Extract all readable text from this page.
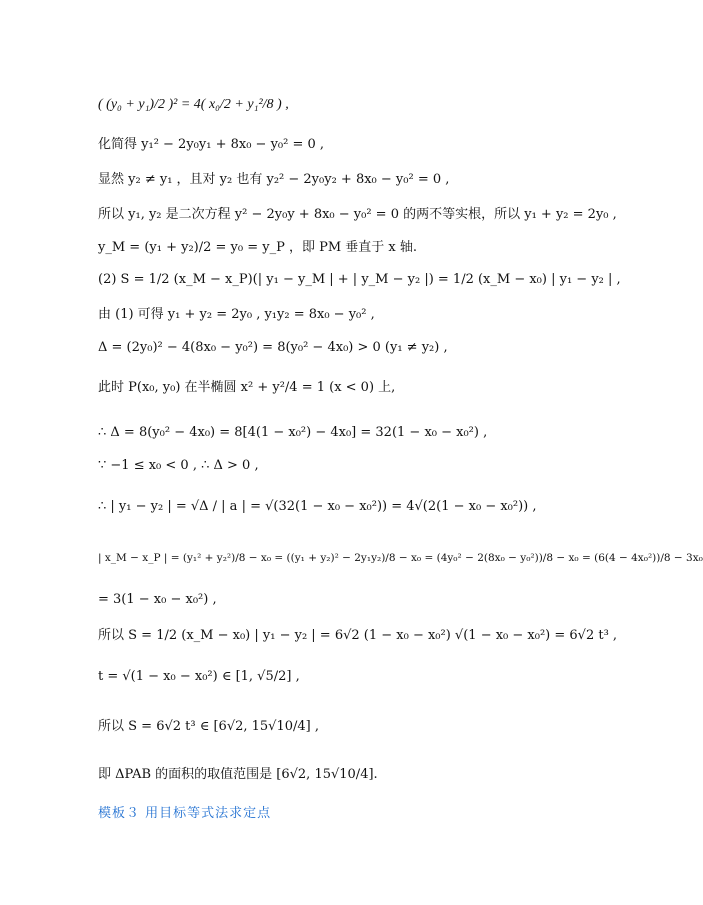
( (y₀ + y₁)/2 )² = 4( x₀/2 + y₁²/8 ) ,
化简得 y₁² − 2y₀y₁ + 8x₀ − y₀² = 0 ,
显然 y₂ ≠ y₁ ，且对 y₂ 也有 y₂² − 2y₀y₂ + 8x₀ − y₀² = 0 ,
所以 y₁, y₂ 是二次方程 y² − 2y₀y + 8x₀ − y₀² = 0 的两不等实根，所以 y₁ + y₂ = 2y₀ ,
y_M = (y₁ + y₂)/2 = y₀ = y_P ，即 PM 垂直于 x 轴.
(2) S = 1/2 (x_M − x_P)(| y₁ − y_M | + | y_M − y₂ |) = 1/2 (x_M − x₀) | y₁ − y₂ | ,
由 (1) 可得 y₁ + y₂ = 2y₀ , y₁y₂ = 8x₀ − y₀² ,
Δ = (2y₀)² − 4(8x₀ − y₀²) = 8(y₀² − 4x₀) > 0 (y₁ ≠ y₂) ,
此时 P(x₀, y₀) 在半椭圆 x² + y²/4 = 1 (x < 0) 上,
∴ Δ = 8(y₀² − 4x₀) = 8[4(1 − x₀²) − 4x₀] = 32(1 − x₀ − x₀²) ,
∵ −1 ≤ x₀ < 0 , ∴ Δ > 0 ,
∴ | y₁ − y₂ | = √Δ / | a | = √(32(1 − x₀ − x₀²)) = 4√(2(1 − x₀ − x₀²)) ,
| x_M − x_P | = (y₁² + y₂²)/8 − x₀ = ((y₁ + y₂)² − 2y₁y₂)/8 − x₀ = (4y₀² − 2(8x₀ − y₀²))/8 − x₀ = (6(4 − 4x₀²))/8 − 3x₀
= 3(1 − x₀ − x₀²) ,
所以 S = 1/2 (x_M − x₀) | y₁ − y₂ | = 6√2 (1 − x₀ − x₀²) √(1 − x₀ − x₀²) = 6√2 t³ ,
t = √(1 − x₀ − x₀²) ∈ [1, √5/2] ,
所以 S = 6√2 t³ ∈ [6√2, 15√10/4] ,
即 ΔPAB 的面积的取值范围是 [6√2, 15√10/4].
模板３ 用目标等式法求定点
